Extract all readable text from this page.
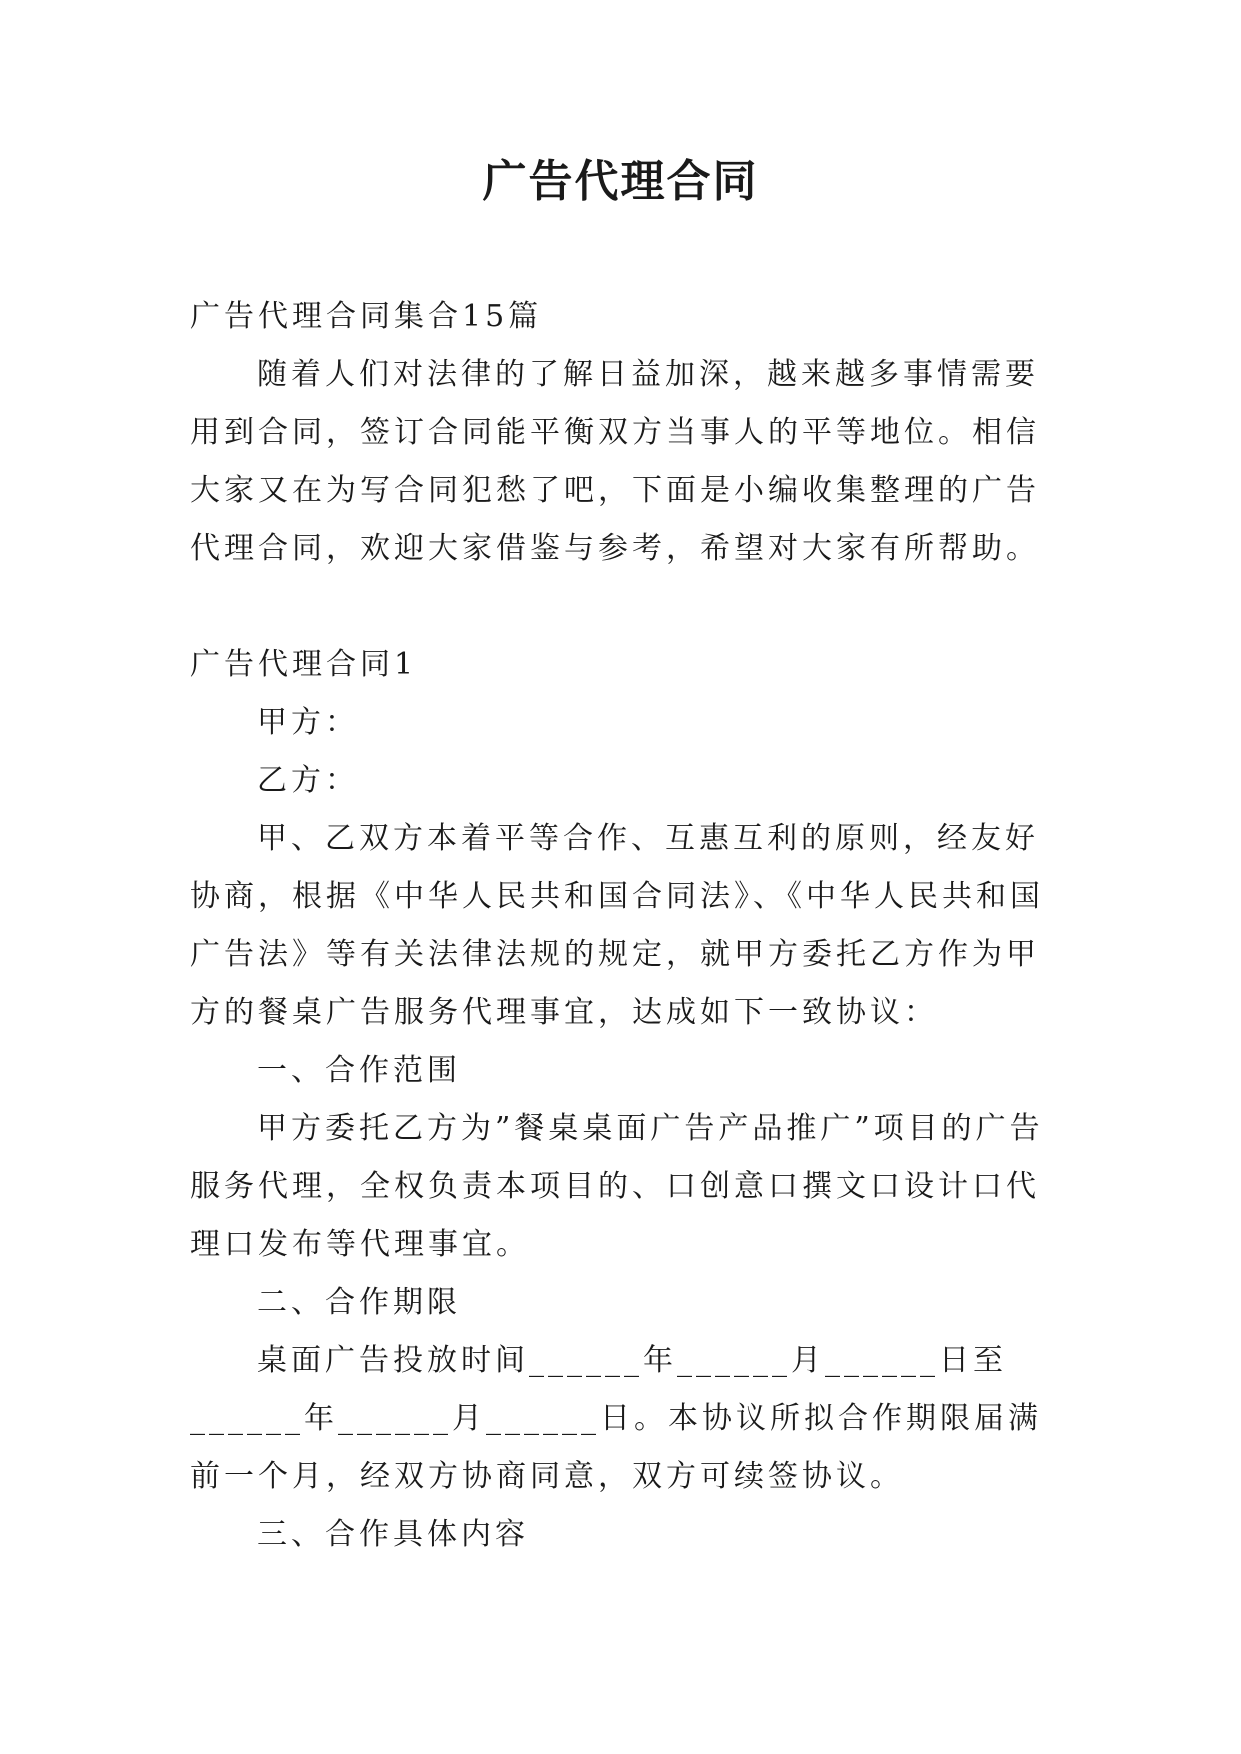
广告代理合同

广告代理合同集合15篇

随着人们对法律的了解日益加深，越来越多事情需要用到合同，签订合同能平衡双方当事人的平等地位。相信大家又在为写合同犯愁了吧，下面是小编收集整理的广告代理合同，欢迎大家借鉴与参考，希望对大家有所帮助。

广告代理合同1

甲方：

乙方：

甲、乙双方本着平等合作、互惠互利的原则，经友好协商，根据《中华人民共和国合同法》、《中华人民共和国广告法》等有关法律法规的规定，就甲方委托乙方作为甲方的餐桌广告服务代理事宜，达成如下一致协议：

一、合作范围

甲方委托乙方为”餐桌桌面广告产品推广”项目的广告服务代理，全权负责本项目的、口创意口撰文口设计口代理口发布等代理事宜。

二、合作期限

桌面广告投放时间______年______月______日至______年______月______日。本协议所拟合作期限届满前一个月，经双方协商同意，双方可续签协议。

三、合作具体内容
